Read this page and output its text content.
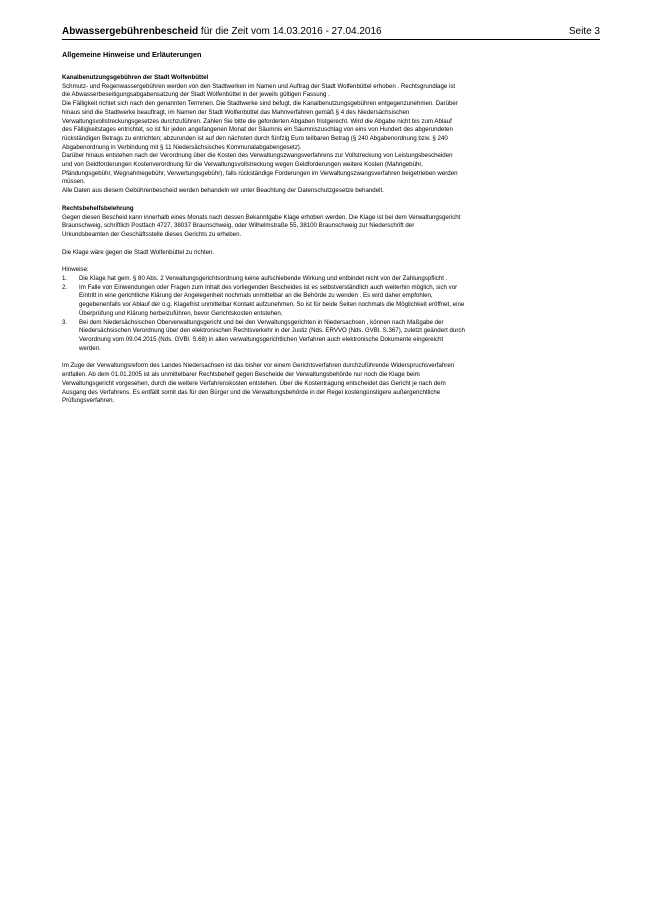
Abwassergebührenbescheid für die Zeit vom 14.03.2016 - 27.04.2016	Seite 3
Allgemeine Hinweise und Erläuterungen
Kanalbenutzungsgebühren der Stadt Wolfenbüttel
Schmutz- und Regenwassergebühren werden von den Stadtwerken im Namen und Auftrag der Stadt Wolfenbüttel erhoben . Rechtsgrundlage ist
die Abwasserbeseitigungsabgabensatzung der Stadt Wolfenbüttel in der jeweils gültigen Fassung .
Die Fälligkeit richtet sich nach den genannten Terminen. Die Stadtwerke sind befugt, die Kanalbenutzungsgebühren entgegenzunehmen. Darüber
hinaus sind die Stadtwerke beauftragt, im Namen der Stadt Wolfenbüttel das Mahnverfahren gemäß § 4 des Niedersächsischen
Verwaltungsvollstreckungsgesetzes durchzuführen. Zahlen Sie bitte die geforderten Abgaben fristgerecht. Wird die Abgabe nicht bis zum Ablauf
des Fälligkeitstages entrichtet, so ist für jeden angefangenen Monat der Säumnis ein Säumniszuschlag von eins von Hundert des abgerundeten
rückständigen Betrags zu entrichten; abzurunden ist auf den nächsten durch fünfzig Euro teilbaren Betrag (§ 240 Abgabenordnung bzw. § 240
Abgabenordnung in Verbindung mit § 11 Niedersächsisches Kommunalabgabengesetz).
Darüber hinaus entstehen nach der Verordnung über die Kosten des Verwaltungszwangsverfahrens zur Vollstreckung von Leistungsbescheiden
und von Geldforderungen Kostenverordnung für die Verwaltungsvollstreckung wegen Geldforderungen weitere Kosten (Mahngebühr,
Pfändungsgebühr, Wegnahmegebühr, Verwertungsgebühr), falls rückständige Forderungen im Verwaltungszwangsverfahren beigetrieben werden
müssen.
Alle Daten aus diesem Gebührenbescheid werden behandeln wir unter Beachtung der Datenschutzgesetze behandelt.
Rechtsbehelfsbelehrung
Gegen diesen Bescheid kann innerhalb eines Monats nach dessen Bekanntgabe Klage erhoben werden. Die Klage ist bei dem Verwaltungsgericht
Braunschweig, schriftlich Postfach 4727, 38037 Braunschweig, oder Wilhelmstraße 55, 38100 Braunschweig zur Niederschrift der
Urkundsbeamten der Geschäftsstelle dieses Gerichts zu erheben.
Die Klage wäre gegen die Stadt Wolfenbüttel zu richten.
Hinweise:
1. Die Klage hat gem. § 80 Abs. 2 Verwaltungsgerichtsordnung keine aufschiebende Wirkung und entbindet nicht von der Zahlungspflicht .
2. Im Falle von Einwendungen oder Fragen zum Inhalt des vorliegenden Bescheides ist es selbstverständlich auch weiterhin möglich, sich vor
Eintritt in eine gerichtliche Klärung der Angelegenheit nochmals unmittelbar an die Behörde zu wenden . Es wird daher empfohlen,
gegebenenfalls vor Ablauf der o.g. Klagefrist unmittelbar Kontakt aufzunehmen. So ist für beide Seiten nochmals die Möglichkeit eröffnet, eine
Überprüfung und Klärung herbeizuführen, bevor Gerichtskosten entstehen.
3. Bei dem Niedersächsischen Oberverwaltungsgericht und bei den Verwaltungsgerichten in Niedersachsen , können nach Maßgabe der
Niedersächsischen Verordnung über den elektronischen Rechtsverkehr in der Justiz (Nds. ERVVO (Nds. GVBl. S.367), zuletzt geändert durch
Verordnung vom 09.04.2015 (Nds. GVBl. S.68) in allen verwaltungsgerichtlichen Verfahren auch elektronische Dokumente eingereicht
werden.
Im Zuge der Verwaltungsreform des Landes Niedersachsen ist das bisher vor einem Gerichtsverfahren durchzuführende Widerspruchsverfahren
entfallen. Ab dem 01.01.2005 ist als unmittelbarer Rechtsbehelf gegen Bescheide der Verwaltungsbehörde nur noch die Klage beim
Verwaltungsgericht vorgesehen, durch die weitere Verfahrenskosten entstehen. Über die Kostentragung entscheidet das Gericht je nach dem
Ausgang des Verfahrens. Es entfällt somit das für den Bürger und die Verwaltungsbehörde in der Regel kostengünstigere außergerichtliche
Prüfungsverfahren.
